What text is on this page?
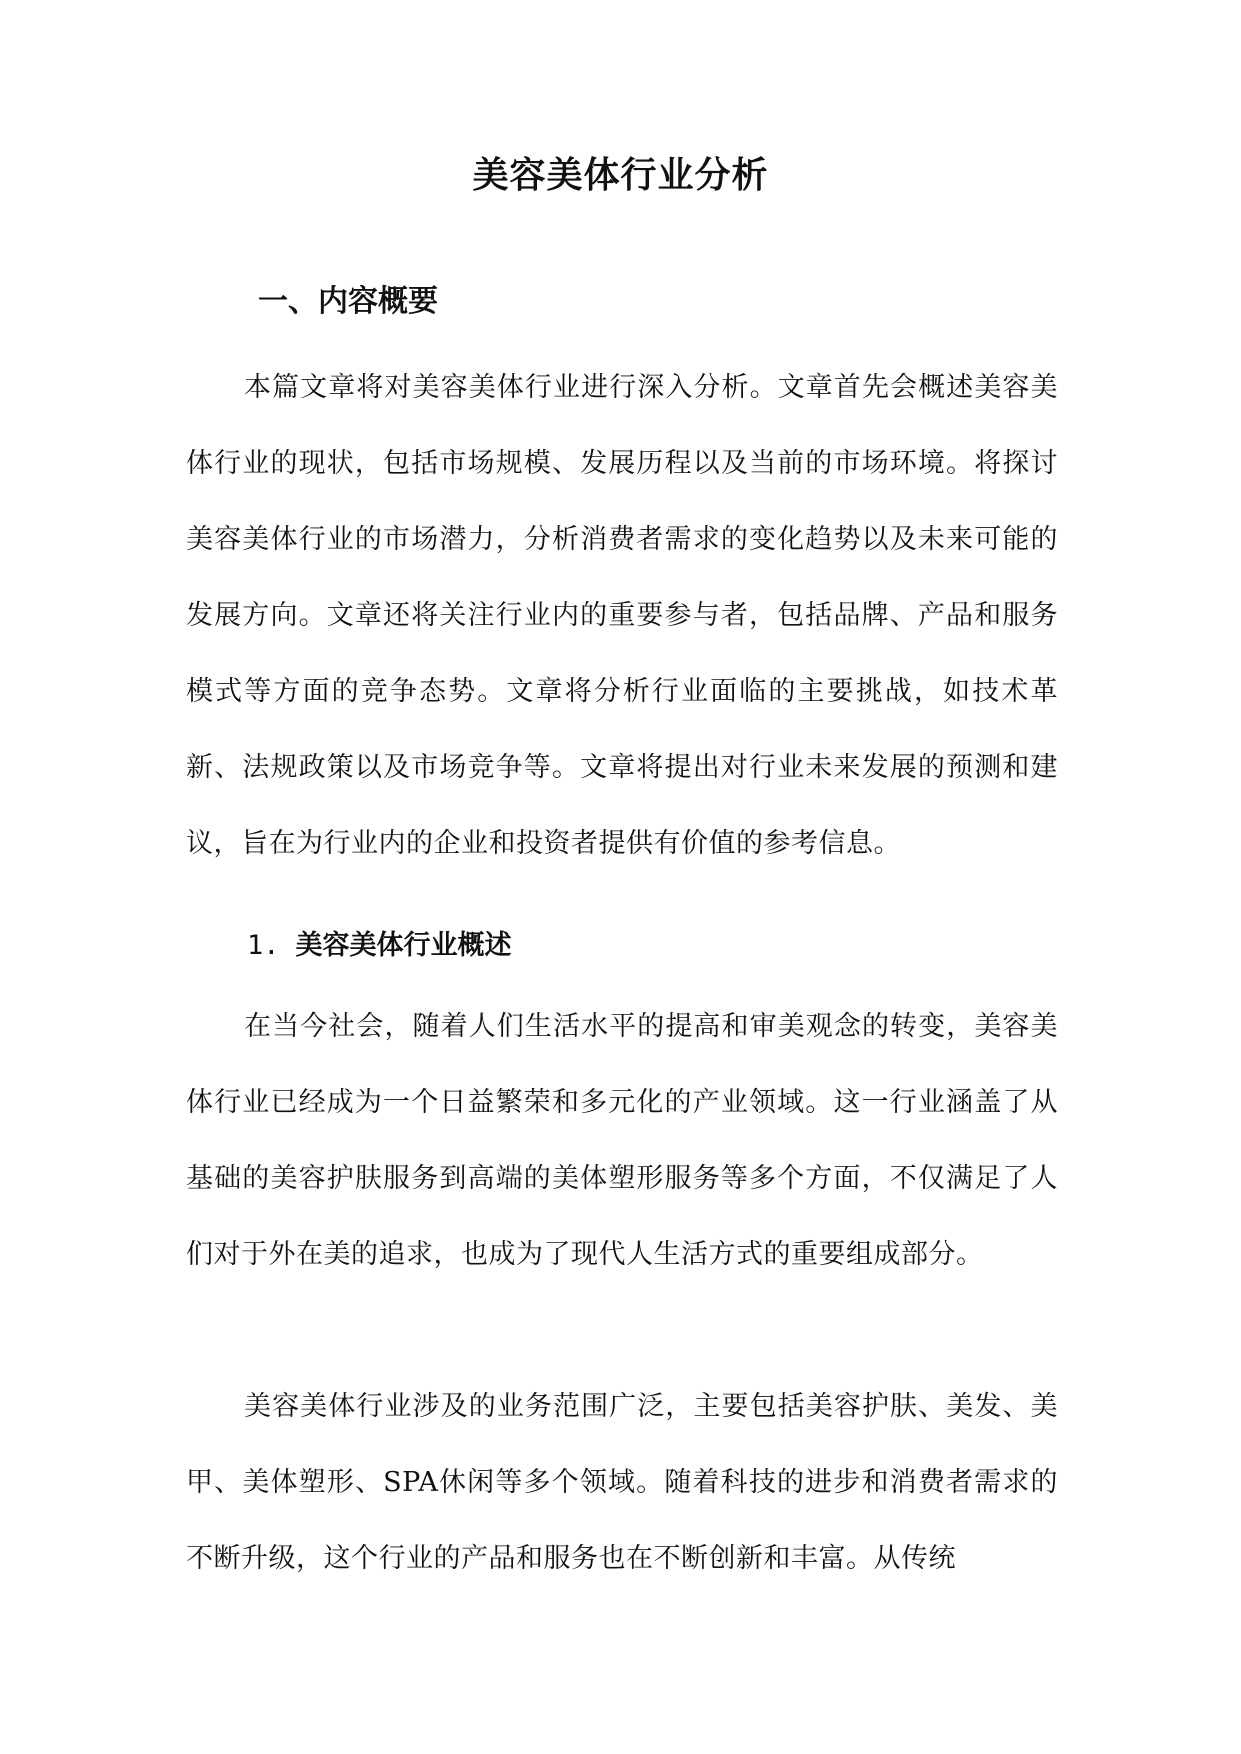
美容美体行业分析
一、内容概要

本篇文章将对美容美体行业进行深入分析。文章首先会概述美容美体行业的现状，包括市场规模、发展历程以及当前的市场环境。将探讨美容美体行业的市场潜力，分析消费者需求的变化趋势以及未来可能的发展方向。文章还将关注行业内的重要参与者，包括品牌、产品和服务模式等方面的竞争态势。文章将分析行业面临的主要挑战，如技术革新、法规政策以及市场竞争等。文章将提出对行业未来发展的预测和建议，旨在为行业内的企业和投资者提供有价值的参考信息。

1. 美容美体行业概述

在当今社会，随着人们生活水平的提高和审美观念的转变，美容美体行业已经成为一个日益繁荣和多元化的产业领域。这一行业涵盖了从基础的美容护肤服务到高端的美体塑形服务等多个方面，不仅满足了人们对于外在美的追求，也成为了现代人生活方式的重要组成部分。

美容美体行业涉及的业务范围广泛，主要包括美容护肤、美发、美甲、美体塑形、SPA休闲等多个领域。随着科技的进步和消费者需求的不断升级，这个行业的产品和服务也在不断创新和丰富。从传统
